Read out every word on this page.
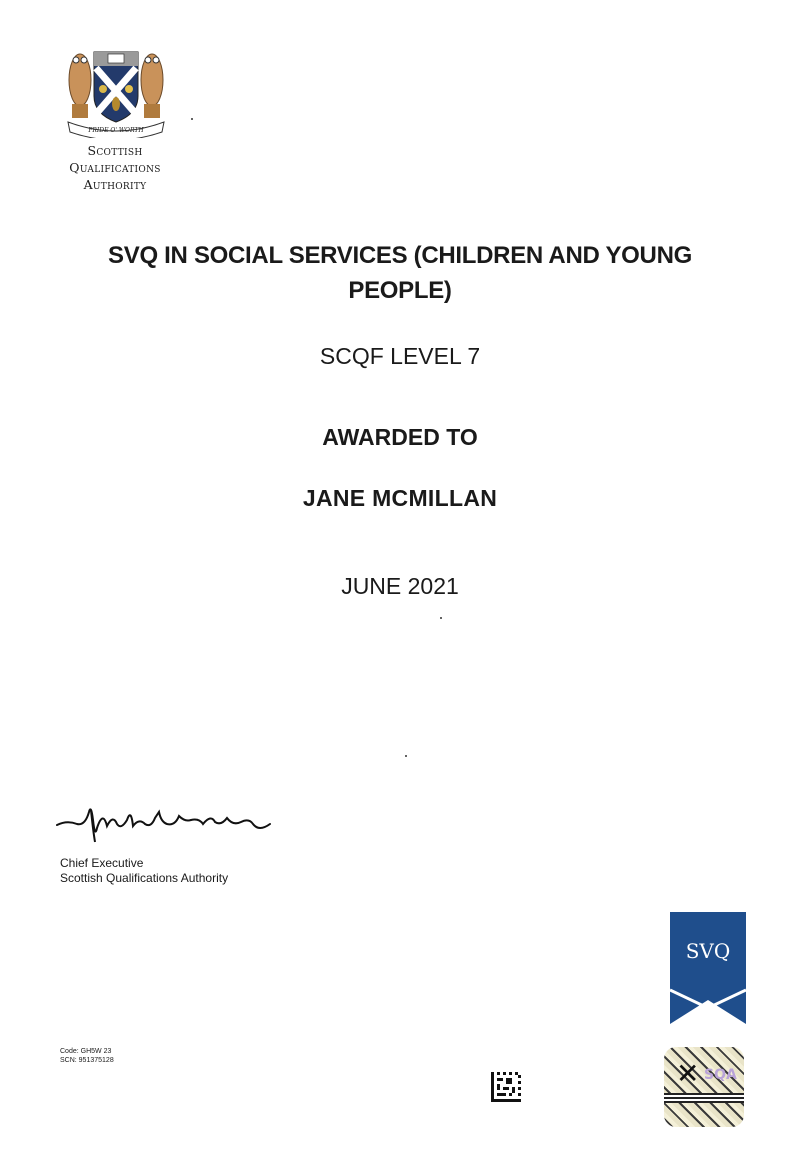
PRIDE O' WORTH
Scottish
Qualifications
Authority
SVQ IN SOCIAL SERVICES (CHILDREN AND YOUNG
PEOPLE)
SCQF LEVEL 7
AWARDED TO
JANE MCMILLAN
JUNE 2021
Chief Executive
Scottish Qualifications Authority
Code: GH5W 23
SCN: 951375128
SVQ
✕ SQA
